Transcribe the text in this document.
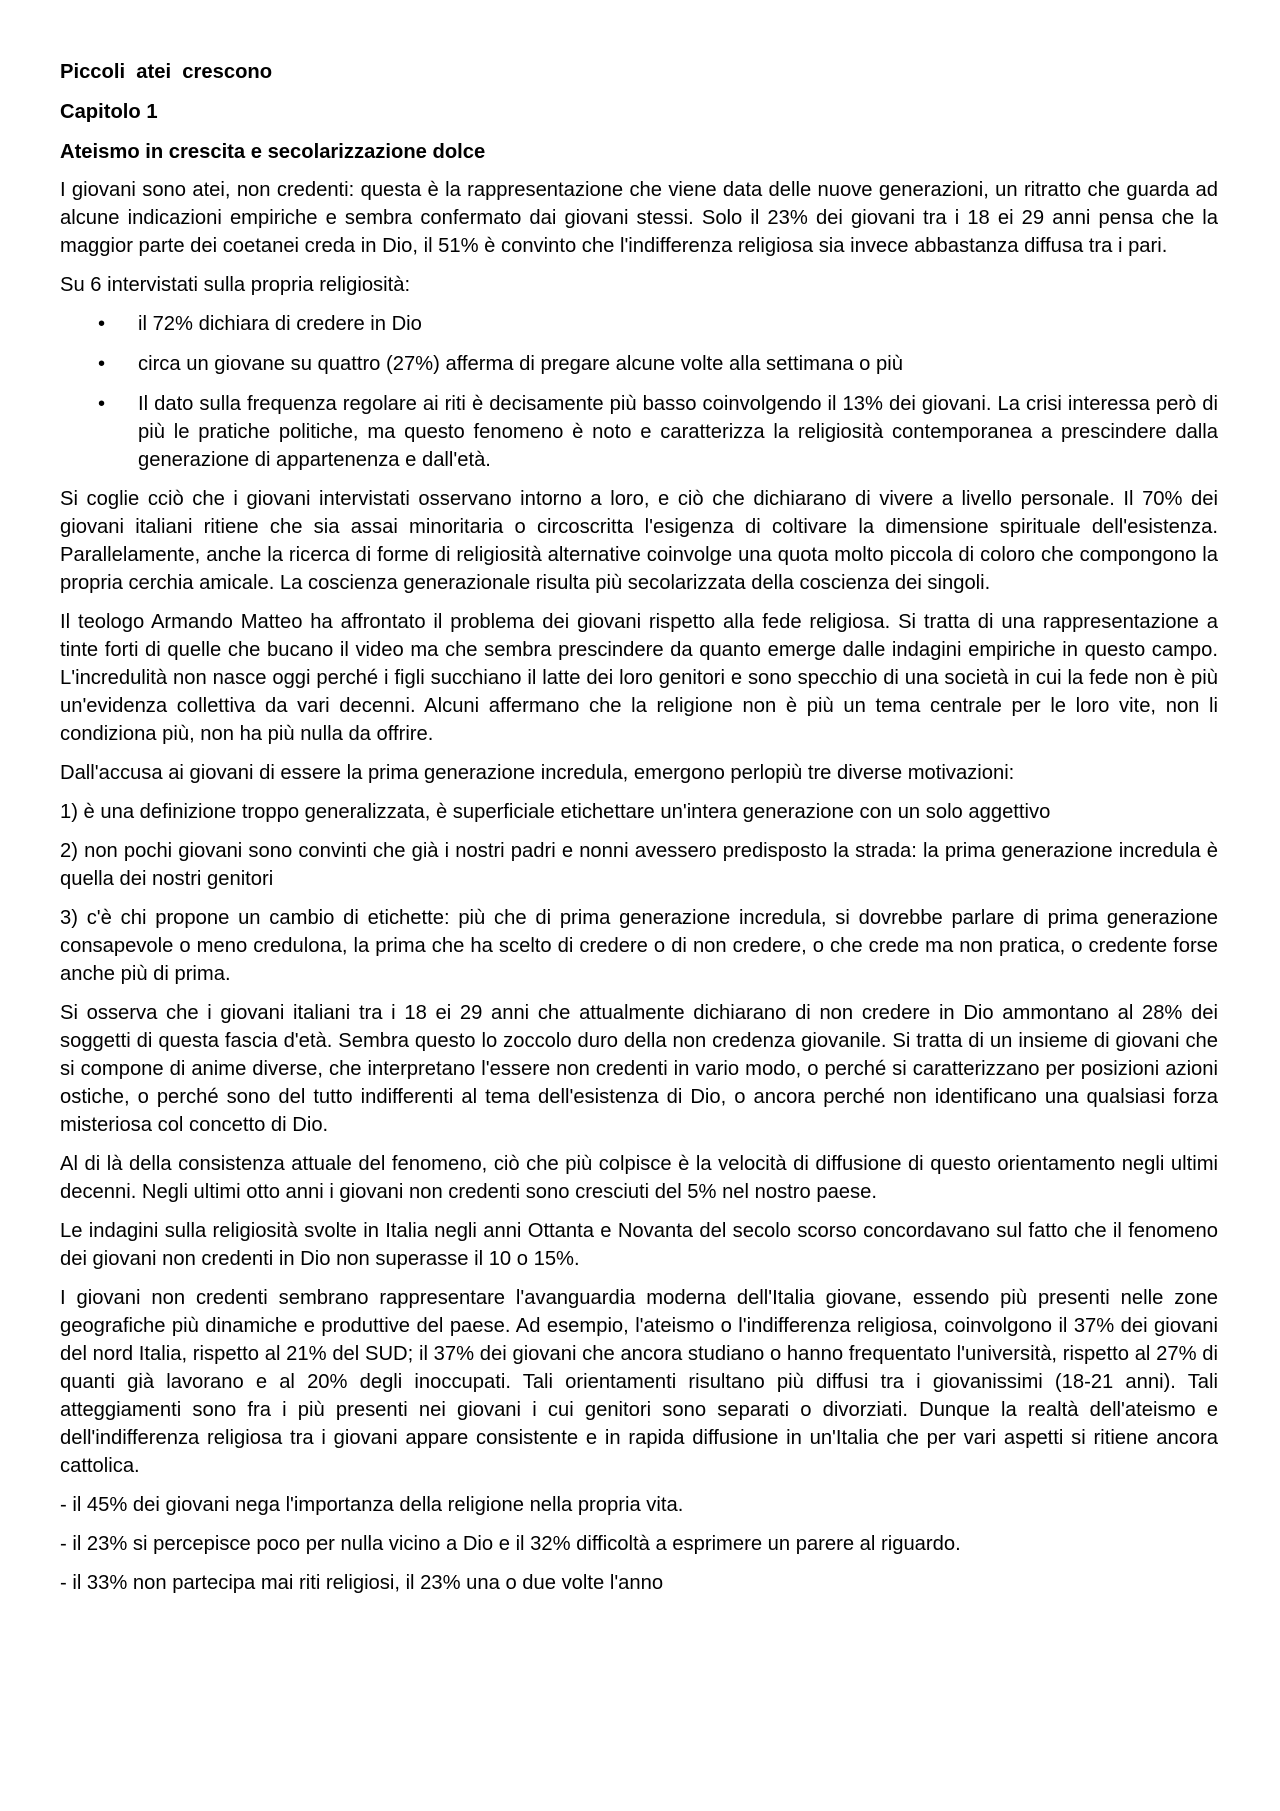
Piccoli  atei  crescono
Capitolo 1
Ateismo in crescita e secolarizzazione dolce

I giovani sono atei, non credenti: questa è la rappresentazione che viene data delle nuove generazioni, un ritratto che guarda ad alcune indicazioni empiriche e sembra confermato dai giovani stessi. Solo il 23% dei giovani tra i 18 ei 29 anni pensa che la maggior parte dei coetanei creda in Dio, il 51% è convinto che l'indifferenza religiosa sia invece abbastanza diffusa tra i pari.

Su 6 intervistati sulla propria religiosità:

• il 72% dichiara di credere in Dio
• circa un giovane su quattro (27%) afferma di pregare alcune volte alla settimana o più
• Il dato sulla frequenza regolare ai riti è decisamente più basso coinvolgendo il 13% dei giovani. La crisi interessa però di più le pratiche politiche, ma questo fenomeno è noto e caratterizza la religiosità contemporanea a prescindere dalla generazione di appartenenza e dall'età.

Si coglie cciò che i giovani intervistati osservano intorno a loro, e ciò che dichiarano di vivere a livello personale. Il 70% dei giovani italiani ritiene che sia assai minoritaria o circoscritta l'esigenza di coltivare la dimensione spirituale dell'esistenza. Parallelamente, anche la ricerca di forme di religiosità alternative coinvolge una quota molto piccola di coloro che compongono la propria cerchia amicale. La coscienza generazionale risulta più secolarizzata della coscienza dei singoli.

Il teologo Armando Matteo ha affrontato il problema dei giovani rispetto alla fede religiosa. Si tratta di una rappresentazione a tinte forti di quelle che bucano il video ma che sembra prescindere da quanto emerge dalle indagini empiriche in questo campo. L'incredulità non nasce oggi perché i figli succhiano il latte dei loro genitori e sono specchio di una società in cui la fede non è più un'evidenza collettiva da vari decenni. Alcuni affermano che la religione non è più un tema centrale per le loro vite, non li condiziona più, non ha più nulla da offrire.

Dall'accusa ai giovani di essere la prima generazione incredula, emergono perlopiù tre diverse motivazioni:

1) è una definizione troppo generalizzata, è superficiale etichettare un'intera generazione con un solo aggettivo

2) non pochi giovani sono convinti che già i nostri padri e nonni avessero predisposto la strada: la prima generazione incredula è quella dei nostri genitori

3) c'è chi propone un cambio di etichette: più che di prima generazione incredula, si dovrebbe parlare di prima generazione consapevole o meno credulona, la prima che ha scelto di credere o di non credere, o che crede ma non pratica, o credente forse anche più di prima.

Si osserva che i giovani italiani tra i 18 ei 29 anni che attualmente dichiarano di non credere in Dio ammontano al 28% dei soggetti di questa fascia d'età. Sembra questo lo zoccolo duro della non credenza giovanile. Si tratta di un insieme di giovani che si compone di anime diverse, che interpretano l'essere non credenti in vario modo, o perché si caratterizzano per posizioni azioni ostiche, o perché sono del tutto indifferenti al tema dell'esistenza di Dio, o ancora perché non identificano una qualsiasi forza misteriosa col concetto di Dio.

Al di là della consistenza attuale del fenomeno, ciò che più colpisce è la velocità di diffusione di questo orientamento negli ultimi decenni. Negli ultimi otto anni i giovani non credenti sono cresciuti del 5% nel nostro paese.

Le indagini sulla religiosità svolte in Italia negli anni Ottanta e Novanta del secolo scorso concordavano sul fatto che il fenomeno dei giovani non credenti in Dio non superasse il 10 o 15%.

I giovani non credenti sembrano rappresentare l'avanguardia moderna dell'Italia giovane, essendo più presenti nelle zone geografiche più dinamiche e produttive del paese. Ad esempio, l'ateismo o l'indifferenza religiosa, coinvolgono il 37% dei giovani del nord Italia, rispetto al 21% del SUD; il 37% dei giovani che ancora studiano o hanno frequentato l'università, rispetto al 27% di quanti già lavorano e al 20% degli inoccupati. Tali orientamenti risultano più diffusi tra i giovanissimi (18-21 anni). Tali atteggiamenti sono fra i più presenti nei giovani i cui genitori sono separati o divorziati. Dunque la realtà dell'ateismo e dell'indifferenza religiosa tra i giovani appare consistente e in rapida diffusione in un'Italia che per vari aspetti si ritiene ancora cattolica.

- il 45% dei giovani nega l'importanza della religione nella propria vita.

- il 23% si percepisce poco per nulla vicino a Dio e il 32% difficoltà a esprimere un parere al riguardo.

- il 33% non partecipa mai riti religiosi, il 23% una o due volte l'anno
